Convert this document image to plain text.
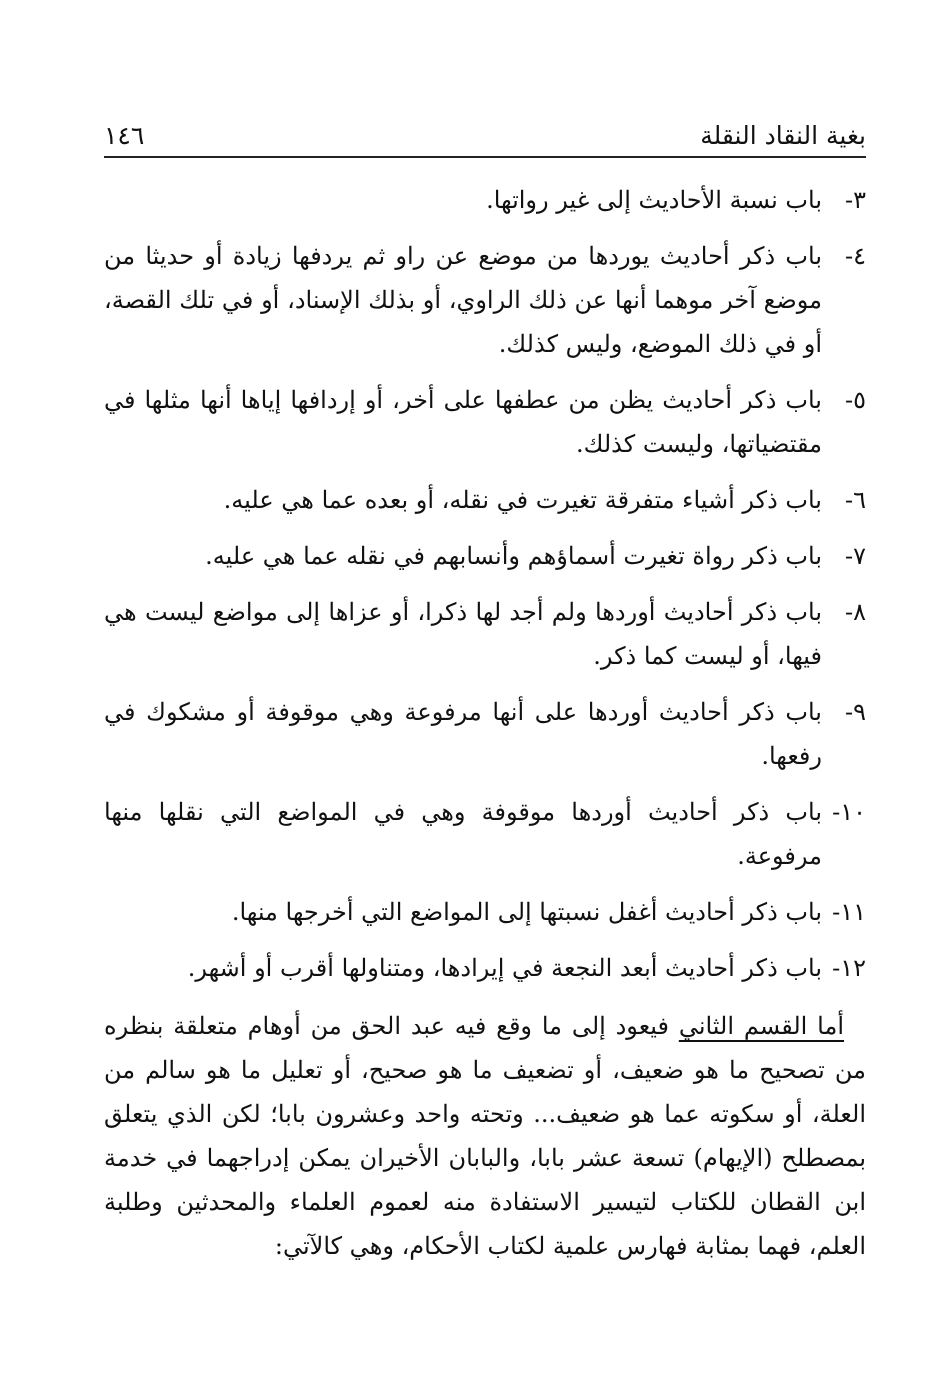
بغية النقاد النقلة
١٤٦
٣-
باب نسبة الأحاديث إلى غير رواتها.
٤-
باب ذكر أحاديث يوردها من موضع عن راو ثم يردفها زيادة أو حديثا من موضع آخر موهما أنها عن ذلك الراوي، أو بذلك الإسناد، أو في تلك القصة، أو في ذلك الموضع، وليس كذلك.
٥-
باب ذكر أحاديث يظن من عطفها على أخر، أو إردافها إياها أنها مثلها في مقتضياتها، وليست كذلك.
٦-
باب ذكر أشياء متفرقة تغيرت في نقله، أو بعده عما هي عليه.
٧-
باب ذكر رواة تغيرت أسماؤهم وأنسابهم في نقله عما هي عليه.
٨-
باب ذكر أحاديث أوردها ولم أجد لها ذكرا، أو عزاها إلى مواضع ليست هي فيها، أو ليست كما ذكر.
٩-
باب ذكر أحاديث أوردها على أنها مرفوعة وهي موقوفة أو مشكوك في رفعها.
١٠-
باب ذكر أحاديث أوردها موقوفة وهي في المواضع التي نقلها منها مرفوعة.
١١-
باب ذكر أحاديث أغفل نسبتها إلى المواضع التي أخرجها منها.
١٢-
باب ذكر أحاديث أبعد النجعة في إيرادها، ومتناولها أقرب أو أشهر.

أما القسم الثاني فيعود إلى ما وقع فيه عبد الحق من أوهام متعلقة بنظره من تصحيح ما هو ضعيف، أو تضعيف ما هو صحيح، أو تعليل ما هو سالم من العلة، أو سكوته عما هو ضعيف... وتحته واحد وعشرون بابا؛ لكن الذي يتعلق بمصطلح (الإيهام) تسعة عشر بابا، والبابان الأخيران يمكن إدراجهما في خدمة ابن القطان للكتاب لتيسير الاستفادة منه لعموم العلماء والمحدثين وطلبة العلم، فهما بمثابة فهارس علمية لكتاب الأحكام، وهي كالآتي:
